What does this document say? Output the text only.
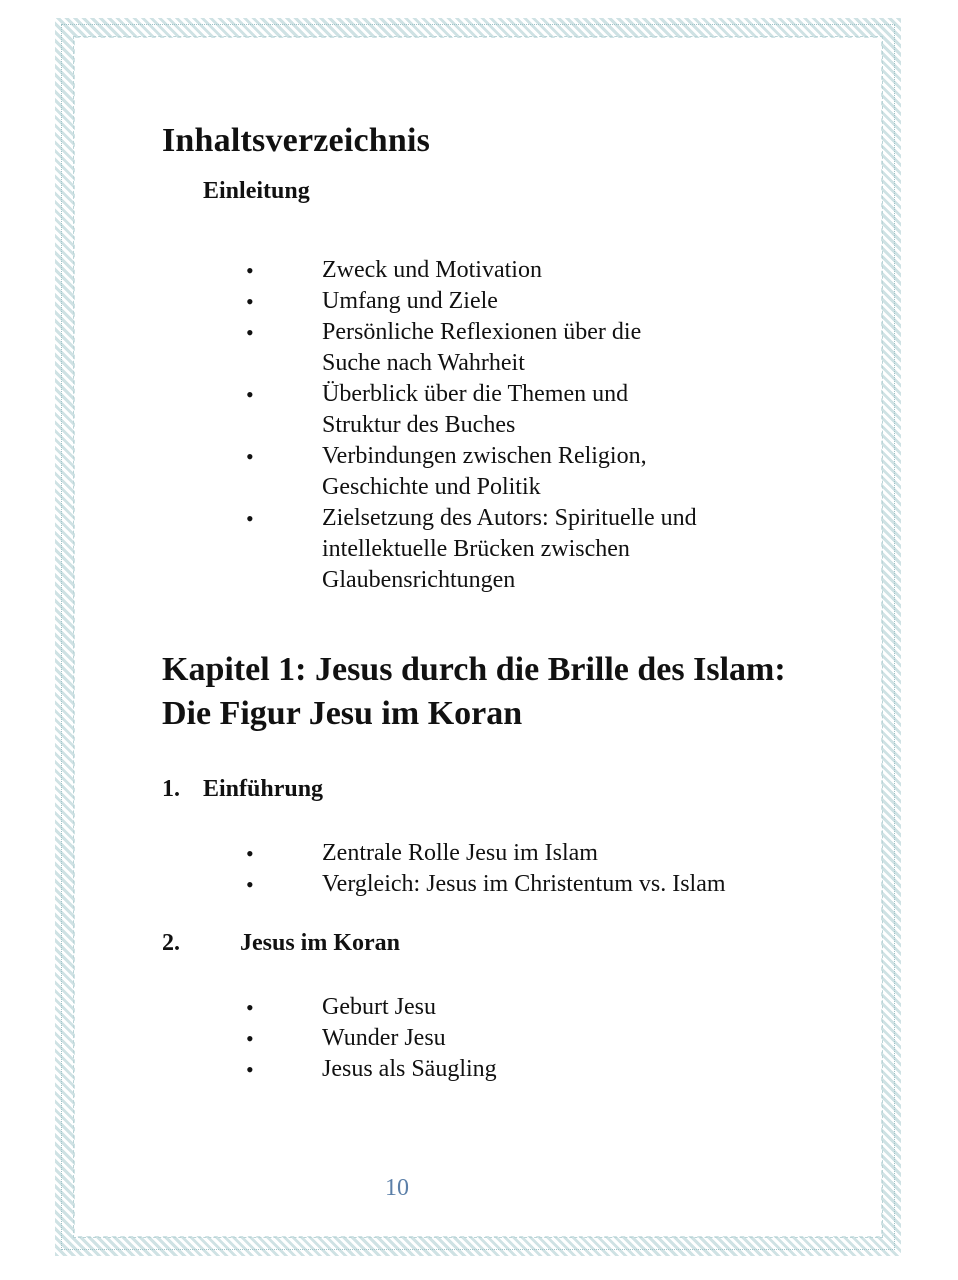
Inhaltsverzeichnis
Einleitung
•	Zweck und Motivation
•	Umfang und Ziele
•	Persönliche Reflexionen über die Suche nach Wahrheit
•	Überblick über die Themen und Struktur des Buches
•	Verbindungen zwischen Religion, Geschichte und Politik
•	Zielsetzung des Autors: Spirituelle und intellektuelle Brücken zwischen Glaubensrichtungen
Kapitel 1: Jesus durch die Brille des Islam: Die Figur Jesu im Koran
1. Einführung
•	Zentrale Rolle Jesu im Islam
•	Vergleich: Jesus im Christentum vs. Islam
2.	Jesus im Koran
•	Geburt Jesu
•	Wunder Jesu
•	Jesus als Säugling

10
